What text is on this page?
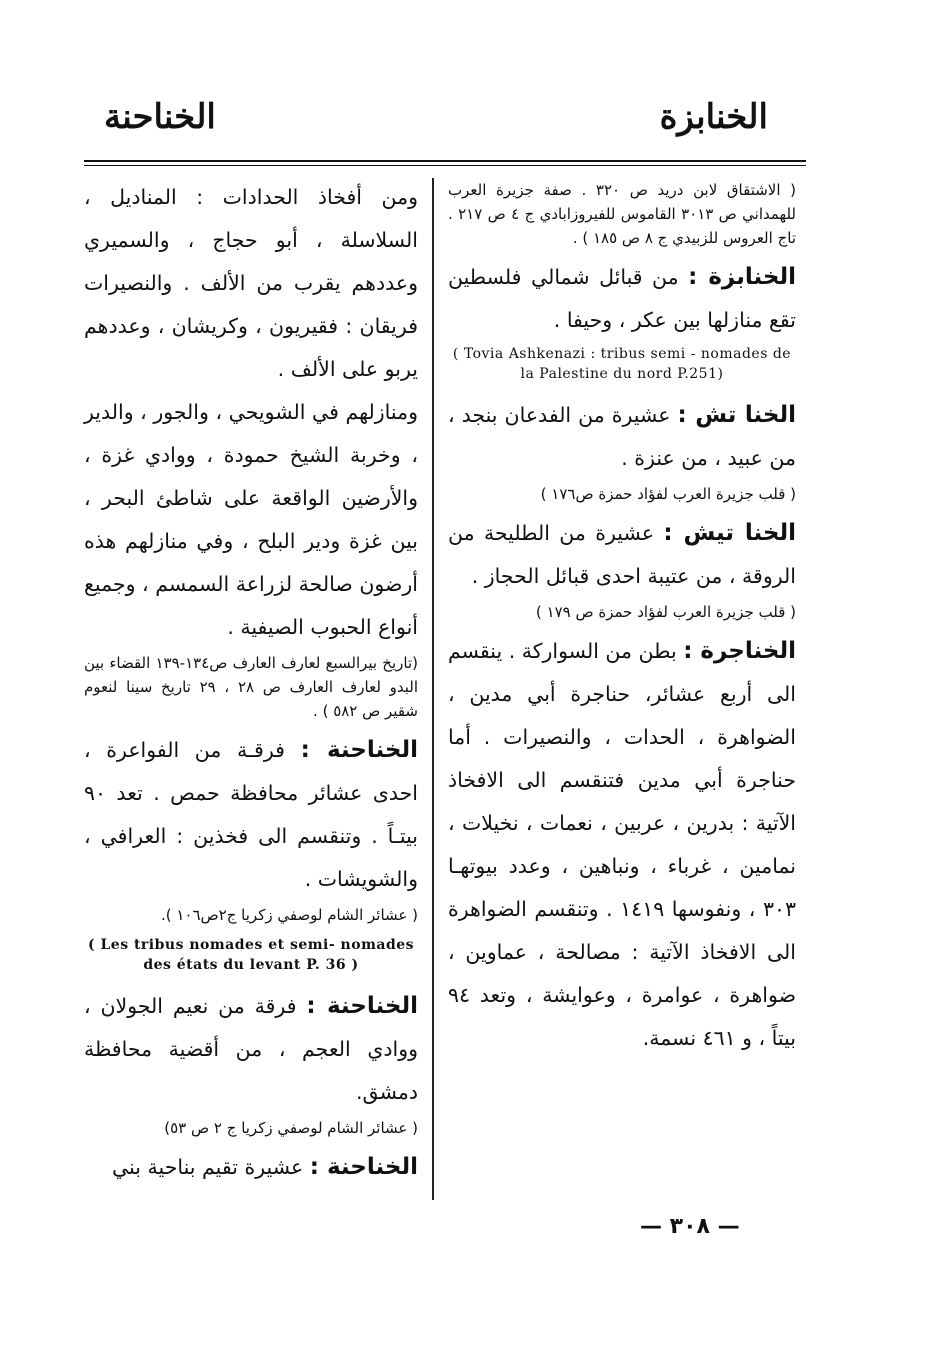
الخناحنة	الخنابزة

( الاشتقاق لابن دريد ص ٣٢٠ . صفة جزيرة العرب للهمداني ص ٣٠١٣ القاموس للفيروزابادي ج ٤ ص ٢١٧ . تاج العروس للزبيدي ج ٨ ص ١٨٥ ) .

الخنابزة : من قبائل شمالي فلسطين تقع منازلها بين عكر ، وحيفا .

( Tovia Ashkenazi : tribus semi - nomades de la Palestine du nord P.251)

الخنا تش : عشيرة من الفدعان بنجد ، من عبيد ، من عنزة .

( قلب جزيرة العرب لفؤاد حمزة ص١٧٦ )

الخنا تيش : عشيرة من الطليحة من الروقة ، من عتيبة احدى قبائل الحجاز .

( قلب جزيرة العرب لفؤاد حمزة ص ١٧٩ )

الخناجرة : بطن من السوارکة . ينقسم الى أربع عشائر، حناجرة أبي مدين ، الضواهرة ، الحدات ، والنصيرات . أما حناجرة أبي مدين فتنقسم الى الافخاذ الآتية : بدرين ، عربين ، نعمات ، نخيلات ، نمامين ، غرباء ، ونباهين ، وعدد بيوتهـا ٣٠٣ ، ونفوسها ١٤١٩ . وتنقسم الضواهرة الى الافخاذ الآتية : مصالحة ، عماوين ، ضواهرة ، عوامرة ، وعوايشة ، وتعد ٩٤ بيتاً ، و ٤٦١ نسمة.

ومن أفخاذ الحدادات : المناديل ، السلاسلة ، أبو حجاج ، والسميري وعددهم يقرب من الألف . والنصيرات فريقان : فقيريون ، وكريشان ، وعددهم يربو على الألف .

ومنازلهم في الشويحي ، والجور ، والدير ، وخربة الشيخ حمودة ، ووادي غزة ، والأرضين الواقعة على شاطئ البحر ، بين غزة ودير البلح ، وفي منازلهم هذه أرضون صالحة لزراعة السمسم ، وجميع أنواع الحبوب الصيفية .

(تاريخ بيرالسبع لعارف العارف ص١٣٤-١٣٩ القضاء بين البدو لعارف العارف ص ٢٨ ، ٢٩ تاريخ سينا لنعوم شقير ص ٥٨٢ ) .

الخناحنة : فرقـة من الفواعرة ، احدى عشائر محافظة حمص . تعد ٩٠ بيتـاً . وتنقسم الى فخذين : العرافي ، والشويشات .

( عشائر الشام لوصفي زكريا ج٢ص١٠٦ ).

( Les tribus nomades et semi- nomades des états du levant P. 36 )

الخناحنة : فرقة من نعيم الجولان ، ووادي العجم ، من أقضية محافظة دمشق.

( عشائر الشام لوصفي زكريا ج ٢ ص ٥٣)

الخناحنة : عشيرة تقيم بناحية بني

— ٣٠٨ —
